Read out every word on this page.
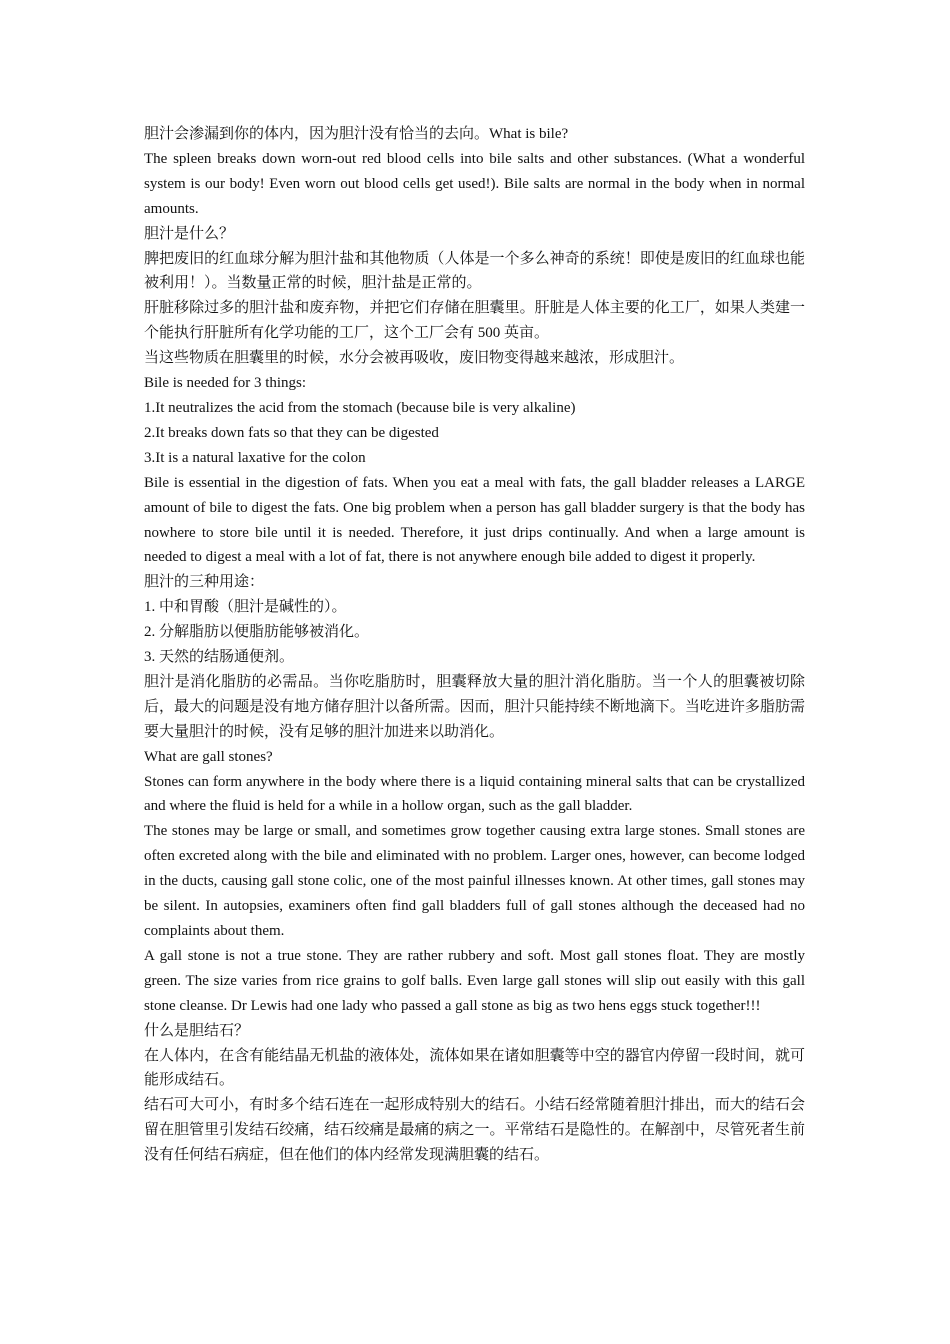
胆汁会渗漏到你的体内，因为胆汁没有恰当的去向。What is bile?

The spleen breaks down worn-out red blood cells into bile salts and other substances. (What a wonderful system is our body! Even worn out blood cells get used!). Bile salts are normal in the body when in normal amounts.

胆汁是什么？

脾把废旧的红血球分解为胆汁盐和其他物质（人体是一个多么神奇的系统！即使是废旧的红血球也能被利用！）。当数量正常的时候，胆汁盐是正常的。

肝脏移除过多的胆汁盐和废弃物，并把它们存储在胆囊里。肝脏是人体主要的化工厂，如果人类建一个能执行肝脏所有化学功能的工厂，这个工厂会有 500 英亩。

当这些物质在胆囊里的时候，水分会被再吸收，废旧物变得越来越浓，形成胆汁。

Bile is needed for 3 things:

1.It neutralizes the acid from the stomach (because bile is very alkaline)

2.It breaks down fats so that they can be digested

3.It is a natural laxative for the colon

Bile is essential in the digestion of fats. When you eat a meal with fats, the gall bladder releases a LARGE amount of bile to digest the fats. One big problem when a person has gall bladder surgery is that the body has nowhere to store bile until it is needed. Therefore, it just drips continually. And when a large amount is needed to digest a meal with a lot of fat, there is not anywhere enough bile added to digest it properly.

胆汁的三种用途：

1. 中和胃酸（胆汁是碱性的）。

2. 分解脂肪以便脂肪能够被消化。

3. 天然的结肠通便剂。

胆汁是消化脂肪的必需品。当你吃脂肪时，胆囊释放大量的胆汁消化脂肪。当一个人的胆囊被切除后，最大的问题是没有地方储存胆汁以备所需。因而，胆汁只能持续不断地滴下。当吃进许多脂肪需要大量胆汁的时候，没有足够的胆汁加进来以助消化。

What are gall stones?

Stones can form anywhere in the body where there is a liquid containing mineral salts that can be crystallized and where the fluid is held for a while in a hollow organ, such as the gall bladder.

The stones may be large or small, and sometimes grow together causing extra large stones. Small stones are often excreted along with the bile and eliminated with no problem. Larger ones, however, can become lodged in the ducts, causing gall stone colic, one of the most painful illnesses known. At other times, gall stones may be silent. In autopsies, examiners often find gall bladders full of gall stones although the deceased had no complaints about them.

A gall stone is not a true stone. They are rather rubbery and soft. Most gall stones float. They are mostly green. The size varies from rice grains to golf balls. Even large gall stones will slip out easily with this gall stone cleanse. Dr Lewis had one lady who passed a gall stone as big as two hens eggs stuck together!!!

什么是胆结石？

在人体内，在含有能结晶无机盐的液体处，流体如果在诸如胆囊等中空的器官内停留一段时间，就可能形成结石。

结石可大可小，有时多个结石连在一起形成特别大的结石。小结石经常随着胆汁排出，而大的结石会留在胆管里引发结石绞痛，结石绞痛是最痛的病之一。平常结石是隐性的。在解剖中，尽管死者生前没有任何结石病症，但在他们的体内经常发现满胆囊的结石。
